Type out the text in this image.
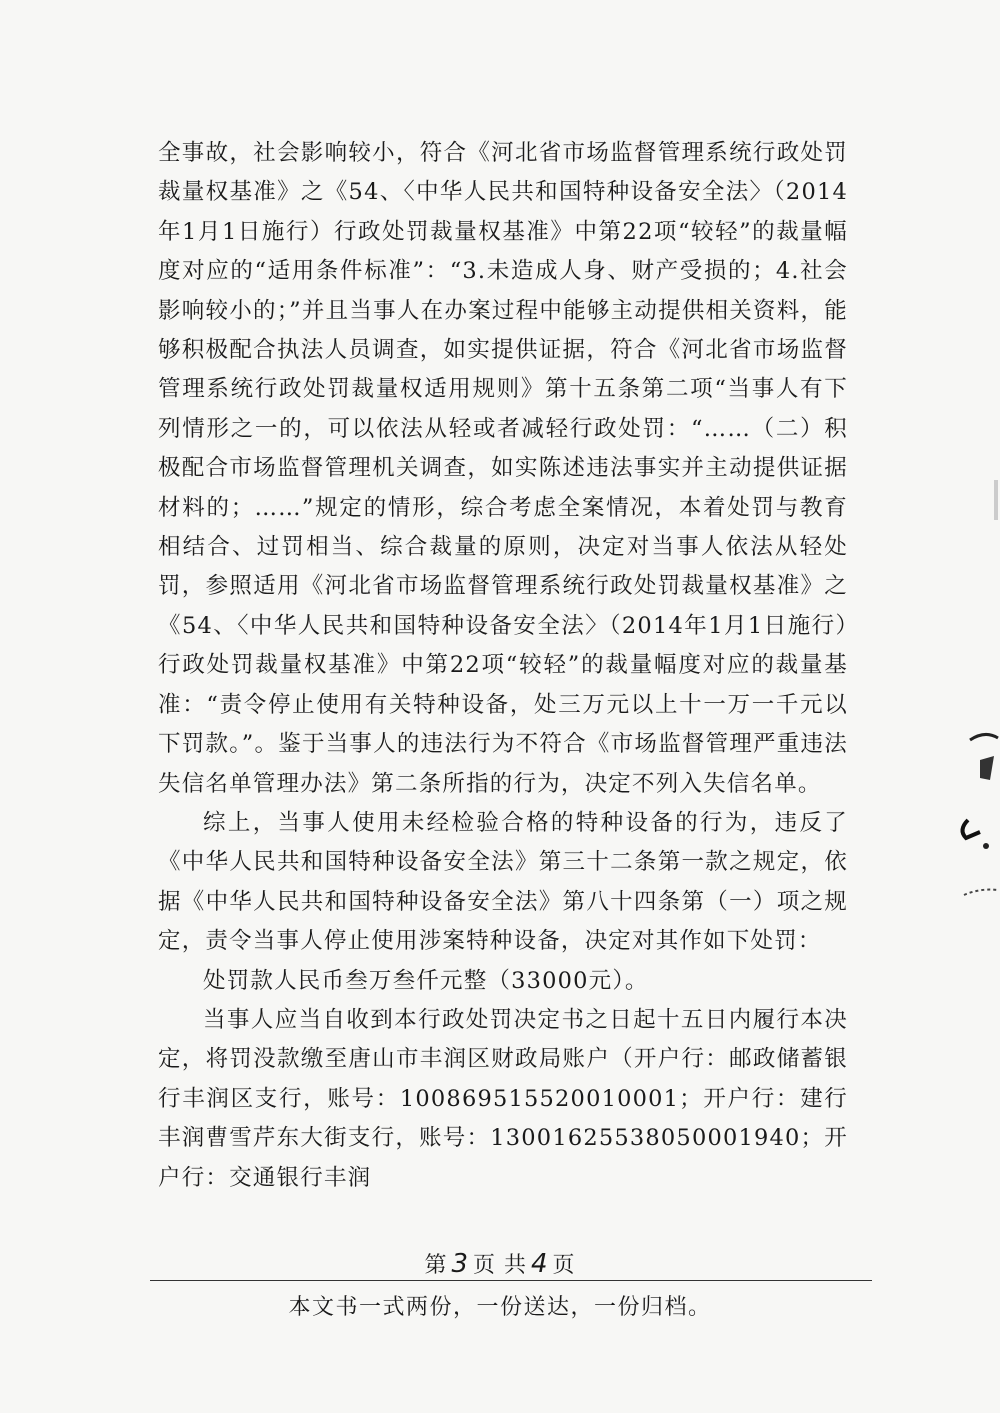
全事故，社会影响较小，符合《河北省市场监督管理系统行政处罚裁量权基准》之《54、〈中华人民共和国特种设备安全法〉（2014年1月1日施行）行政处罚裁量权基准》中第22项“较轻”的裁量幅度对应的“适用条件标准”：“3.未造成人身、财产受损的；4.社会影响较小的；”并且当事人在办案过程中能够主动提供相关资料，能够积极配合执法人员调查，如实提供证据，符合《河北省市场监督管理系统行政处罚裁量权适用规则》第十五条第二项“当事人有下列情形之一的，可以依法从轻或者减轻行政处罚：“……（二）积极配合市场监督管理机关调查，如实陈述违法事实并主动提供证据材料的；……”规定的情形，综合考虑全案情况，本着处罚与教育相结合、过罚相当、综合裁量的原则，决定对当事人依法从轻处罚，参照适用《河北省市场监督管理系统行政处罚裁量权基准》之《54、〈中华人民共和国特种设备安全法〉（2014年1月1日施行）行政处罚裁量权基准》中第22项“较轻”的裁量幅度对应的裁量基准：“责令停止使用有关特种设备，处三万元以上十一万一千元以下罚款。”。鉴于当事人的违法行为不符合《市场监督管理严重违法失信名单管理办法》第二条所指的行为，决定不列入失信名单。

综上，当事人使用未经检验合格的特种设备的行为，违反了《中华人民共和国特种设备安全法》第三十二条第一款之规定，依据《中华人民共和国特种设备安全法》第八十四条第（一）项之规定，责令当事人停止使用涉案特种设备，决定对其作如下处罚：

处罚款人民币叁万叁仟元整（33000元）。

当事人应当自收到本行政处罚决定书之日起十五日内履行本决定，将罚没款缴至唐山市丰润区财政局账户（开户行：邮政储蓄银行丰润区支行，账号：100869515520010001；开户行：建行丰润曹雪芹东大街支行，账号：13001625538050001940；开户行：交通银行丰润

第 3 页 共 4 页
本文书一式两份，一份送达，一份归档。
